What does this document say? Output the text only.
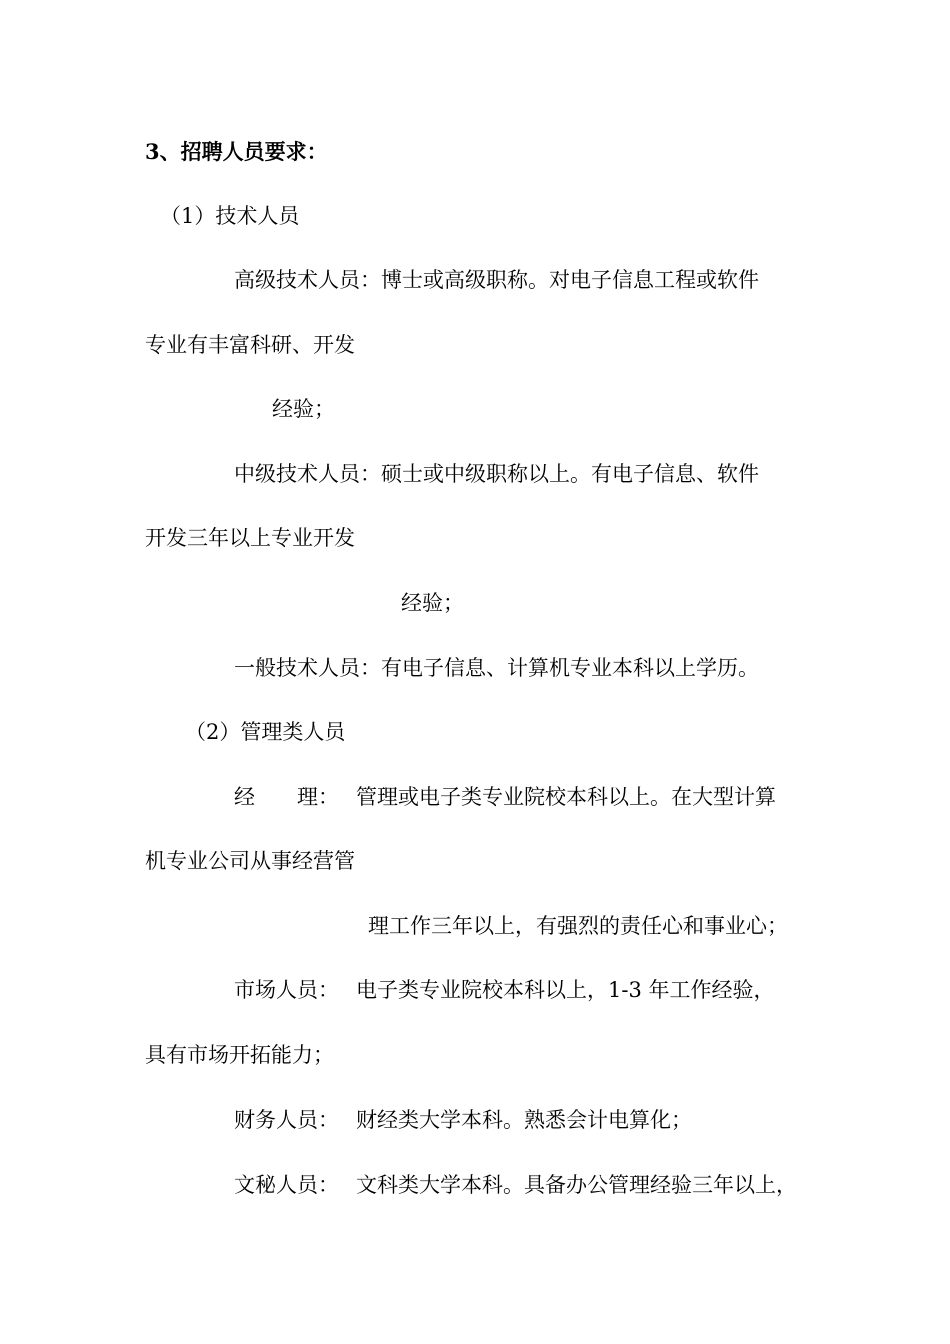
3、招聘人员要求：
（1）技术人员
高级技术人员：博士或高级职称。对电子信息工程或软件
专业有丰富科研、开发
经验；
中级技术人员：硕士或中级职称以上。有电子信息、软件
开发三年以上专业开发
经验；
一般技术人员：有电子信息、计算机专业本科以上学历。
（2）管理类人员
经　　理： 管理或电子类专业院校本科以上。在大型计算
机专业公司从事经营管
理工作三年以上，有强烈的责任心和事业心；
市场人员： 电子类专业院校本科以上，1-3 年工作经验，
具有市场开拓能力；
财务人员： 财经类大学本科。熟悉会计电算化；
文秘人员： 文科类大学本科。具备办公管理经验三年以上，
